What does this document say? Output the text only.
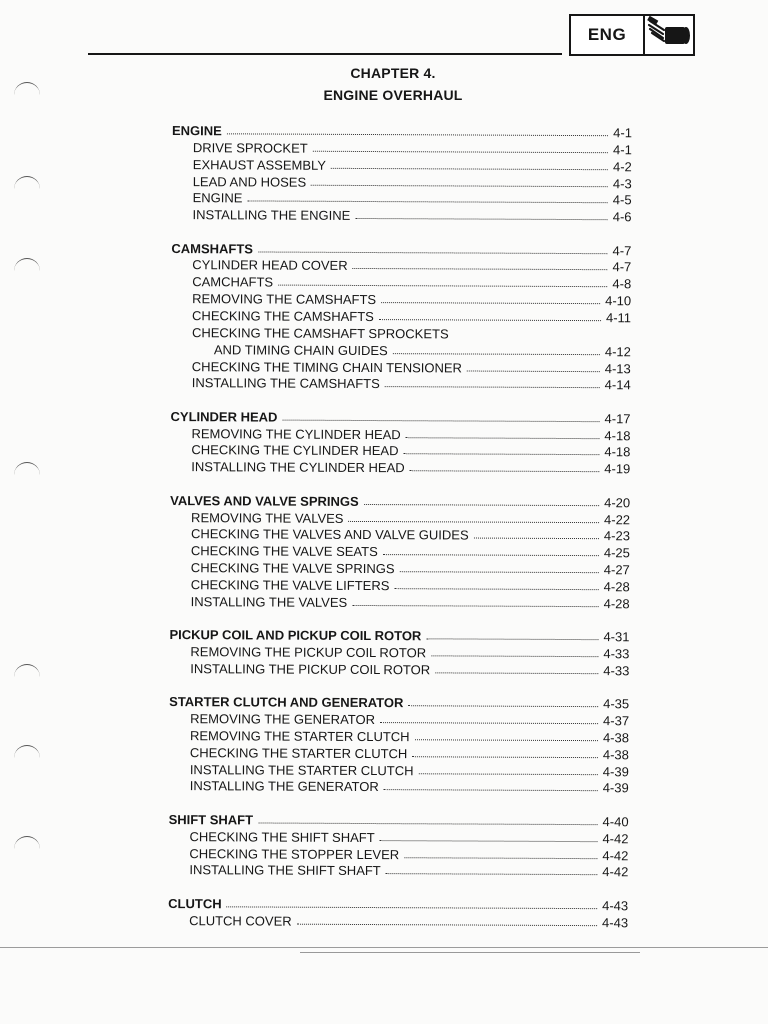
ENG
CHAPTER 4.
ENGINE OVERHAUL
ENGINE	4-1
DRIVE SPROCKET	4-1
EXHAUST ASSEMBLY	4-2
LEAD AND HOSES	4-3
ENGINE	4-5
INSTALLING THE ENGINE	4-6
CAMSHAFTS	4-7
CYLINDER HEAD COVER	4-7
CAMCHAFTS	4-8
REMOVING THE CAMSHAFTS	4-10
CHECKING THE CAMSHAFTS	4-11
CHECKING THE CAMSHAFT SPROCKETS
AND TIMING CHAIN GUIDES	4-12
CHECKING THE TIMING CHAIN TENSIONER	4-13
INSTALLING THE CAMSHAFTS	4-14
CYLINDER HEAD	4-17
REMOVING THE CYLINDER HEAD	4-18
CHECKING THE CYLINDER HEAD	4-18
INSTALLING THE CYLINDER HEAD	4-19
VALVES AND VALVE SPRINGS	4-20
REMOVING THE VALVES	4-22
CHECKING THE VALVES AND VALVE GUIDES	4-23
CHECKING THE VALVE SEATS	4-25
CHECKING THE VALVE SPRINGS	4-27
CHECKING THE VALVE LIFTERS	4-28
INSTALLING THE VALVES	4-28
PICKUP COIL AND PICKUP COIL ROTOR	4-31
REMOVING THE PICKUP COIL ROTOR	4-33
INSTALLING THE PICKUP COIL ROTOR	4-33
STARTER CLUTCH AND GENERATOR	4-35
REMOVING THE GENERATOR	4-37
REMOVING THE STARTER CLUTCH	4-38
CHECKING THE STARTER CLUTCH	4-38
INSTALLING THE STARTER CLUTCH	4-39
INSTALLING THE GENERATOR	4-39
SHIFT SHAFT	4-40
CHECKING THE SHIFT SHAFT	4-42
CHECKING THE STOPPER LEVER	4-42
INSTALLING THE SHIFT SHAFT	4-42
CLUTCH	4-43
CLUTCH COVER	4-43
